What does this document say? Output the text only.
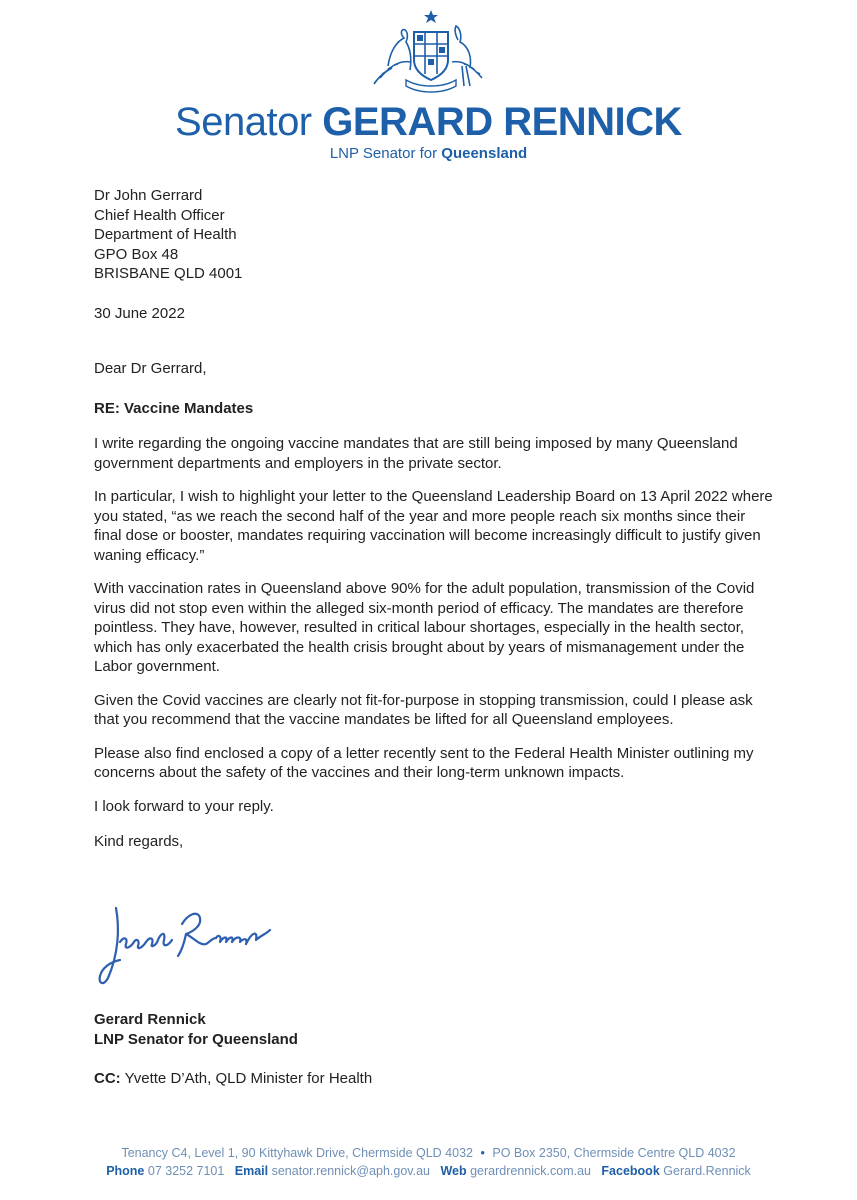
Senator GERARD RENNICK
LNP Senator for Queensland
Dr John Gerrard
Chief Health Officer
Department of Health
GPO Box 48
BRISBANE QLD 4001
30 June 2022
Dear Dr Gerrard,
RE: Vaccine Mandates

I write regarding the ongoing vaccine mandates that are still being imposed by many Queensland government departments and employers in the private sector.

In particular, I wish to highlight your letter to the Queensland Leadership Board on 13 April 2022 where you stated, “as we reach the second half of the year and more people reach six months since their final dose or booster, mandates requiring vaccination will become increasingly difficult to justify given waning efficacy.”

With vaccination rates in Queensland above 90% for the adult population, transmission of the Covid virus did not stop even within the alleged six-month period of efficacy. The mandates are therefore pointless. They have, however, resulted in critical labour shortages, especially in the health sector, which has only exacerbated the health crisis brought about by years of mismanagement under the Labor government.

Given the Covid vaccines are clearly not fit-for-purpose in stopping transmission, could I please ask that you recommend that the vaccine mandates be lifted for all Queensland employees.

Please also find enclosed a copy of a letter recently sent to the Federal Health Minister outlining my concerns about the safety of the vaccines and their long-term unknown impacts.

I look forward to your reply.

Kind regards,
Gerard Rennick
LNP Senator for Queensland
CC: Yvette D’Ath, QLD Minister for Health
Tenancy C4, Level 1, 90 Kittyhawk Drive, Chermside QLD 4032 • PO Box 2350, Chermside Centre QLD 4032
Phone 07 3252 7101 Email senator.rennick@aph.gov.au Web gerardrennick.com.au Facebook Gerard.Rennick
